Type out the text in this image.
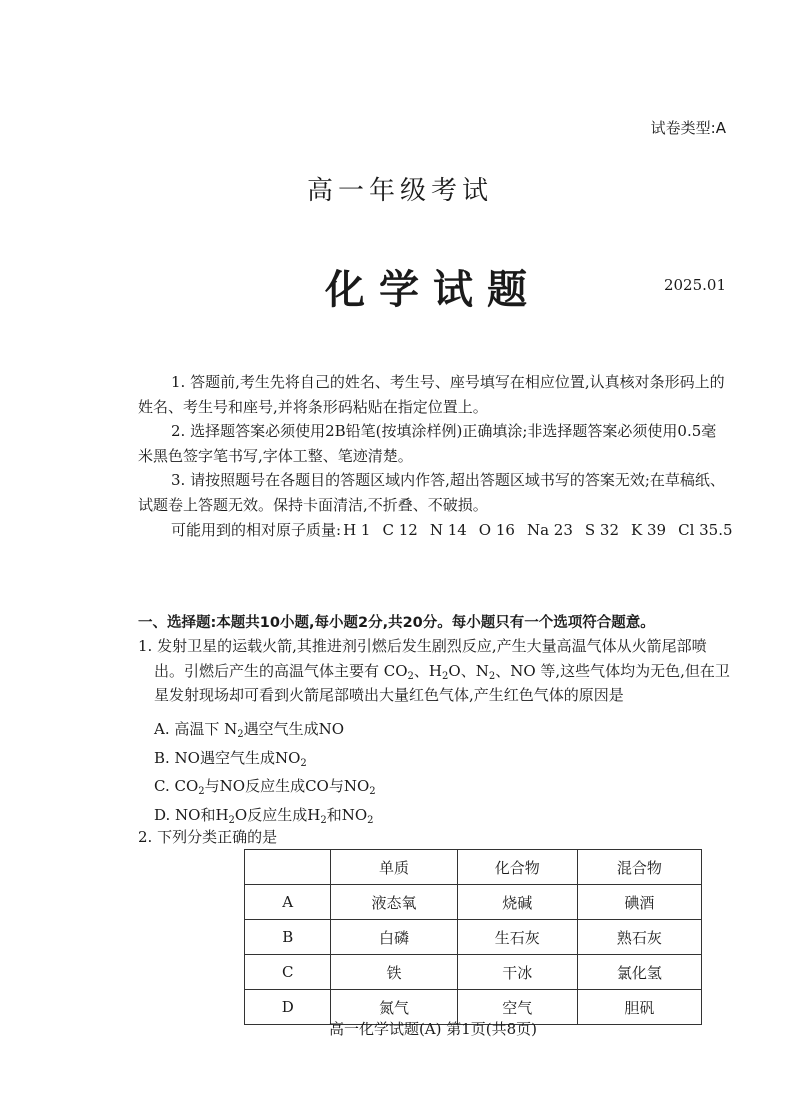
试卷类型:A
高一年级考试
化学试题	2025.01

1. 答题前,考生先将自己的姓名、考生号、座号填写在相应位置,认真核对条形码上的姓名、考生号和座号,并将条形码粘贴在指定位置上。

2. 选择题答案必须使用2B铅笔(按填涂样例)正确填涂;非选择题答案必须使用0.5毫米黑色签字笔书写,字体工整、笔迹清楚。

3. 请按照题号在各题目的答题区域内作答,超出答题区域书写的答案无效;在草稿纸、试题卷上答题无效。保持卡面清洁,不折叠、不破损。

可能用到的相对原子质量: H 1 C 12 N 14 O 16 Na 23 S 32 K 39 Cl 35.5
一、选择题:本题共10小题,每小题2分,共20分。每小题只有一个选项符合题意。

1. 发射卫星的运载火箭,其推进剂引燃后发生剧烈反应,产生大量高温气体从火箭尾部喷出。引燃后产生的高温气体主要有 $CO_2$、$H_2O$、$N_2$、NO 等,这些气体均为无色,但在卫星发射现场却可看到火箭尾部喷出大量红色气体,产生红色气体的原因是

A. 高温下 $N_2$遇空气生成NO
B. NO遇空气生成$NO_2$
C. $CO_2$与NO反应生成CO与$NO_2$
D. NO和$H_2O$反应生成$H_2$和$NO_2$
2. 下列分类正确的是
	单质	化合物	混合物
A	液态氧	烧碱	碘酒
B	白磷	生石灰	熟石灰
C	铁	干冰	氯化氢
D	氮气	空气	胆矾
高一化学试题(A) 第1页(共8页)
